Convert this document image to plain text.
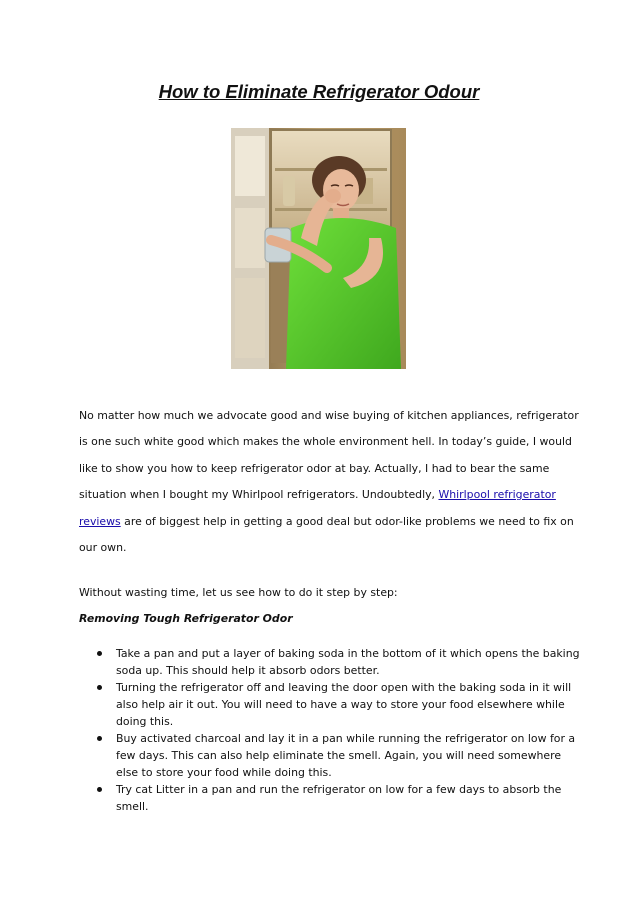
How to Eliminate Refrigerator Odour

No matter how much we advocate good and wise buying of kitchen appliances, refrigerator
is one such white good which makes the whole environment hell. In today’s guide, I would
like to show you how to keep refrigerator odor at bay. Actually, I had to bear the same
situation when I bought my Whirlpool refrigerators. Undoubtedly, Whirlpool refrigerator
reviews are of biggest help in getting a good deal but odor-like problems we need to fix on
our own.

Without wasting time, let us see how to do it step by step:

Removing Tough Refrigerator Odor

Take a pan and put a layer of baking soda in the bottom of it which opens the baking
soda up. This should help it absorb odors better.
Turning the refrigerator off and leaving the door open with the baking soda in it will
also help air it out. You will need to have a way to store your food elsewhere while
doing this.
Buy activated charcoal and lay it in a pan while running the refrigerator on low for a
few days. This can also help eliminate the smell. Again, you will need somewhere
else to store your food while doing this.
Try cat Litter in a pan and run the refrigerator on low for a few days to absorb the
smell.
